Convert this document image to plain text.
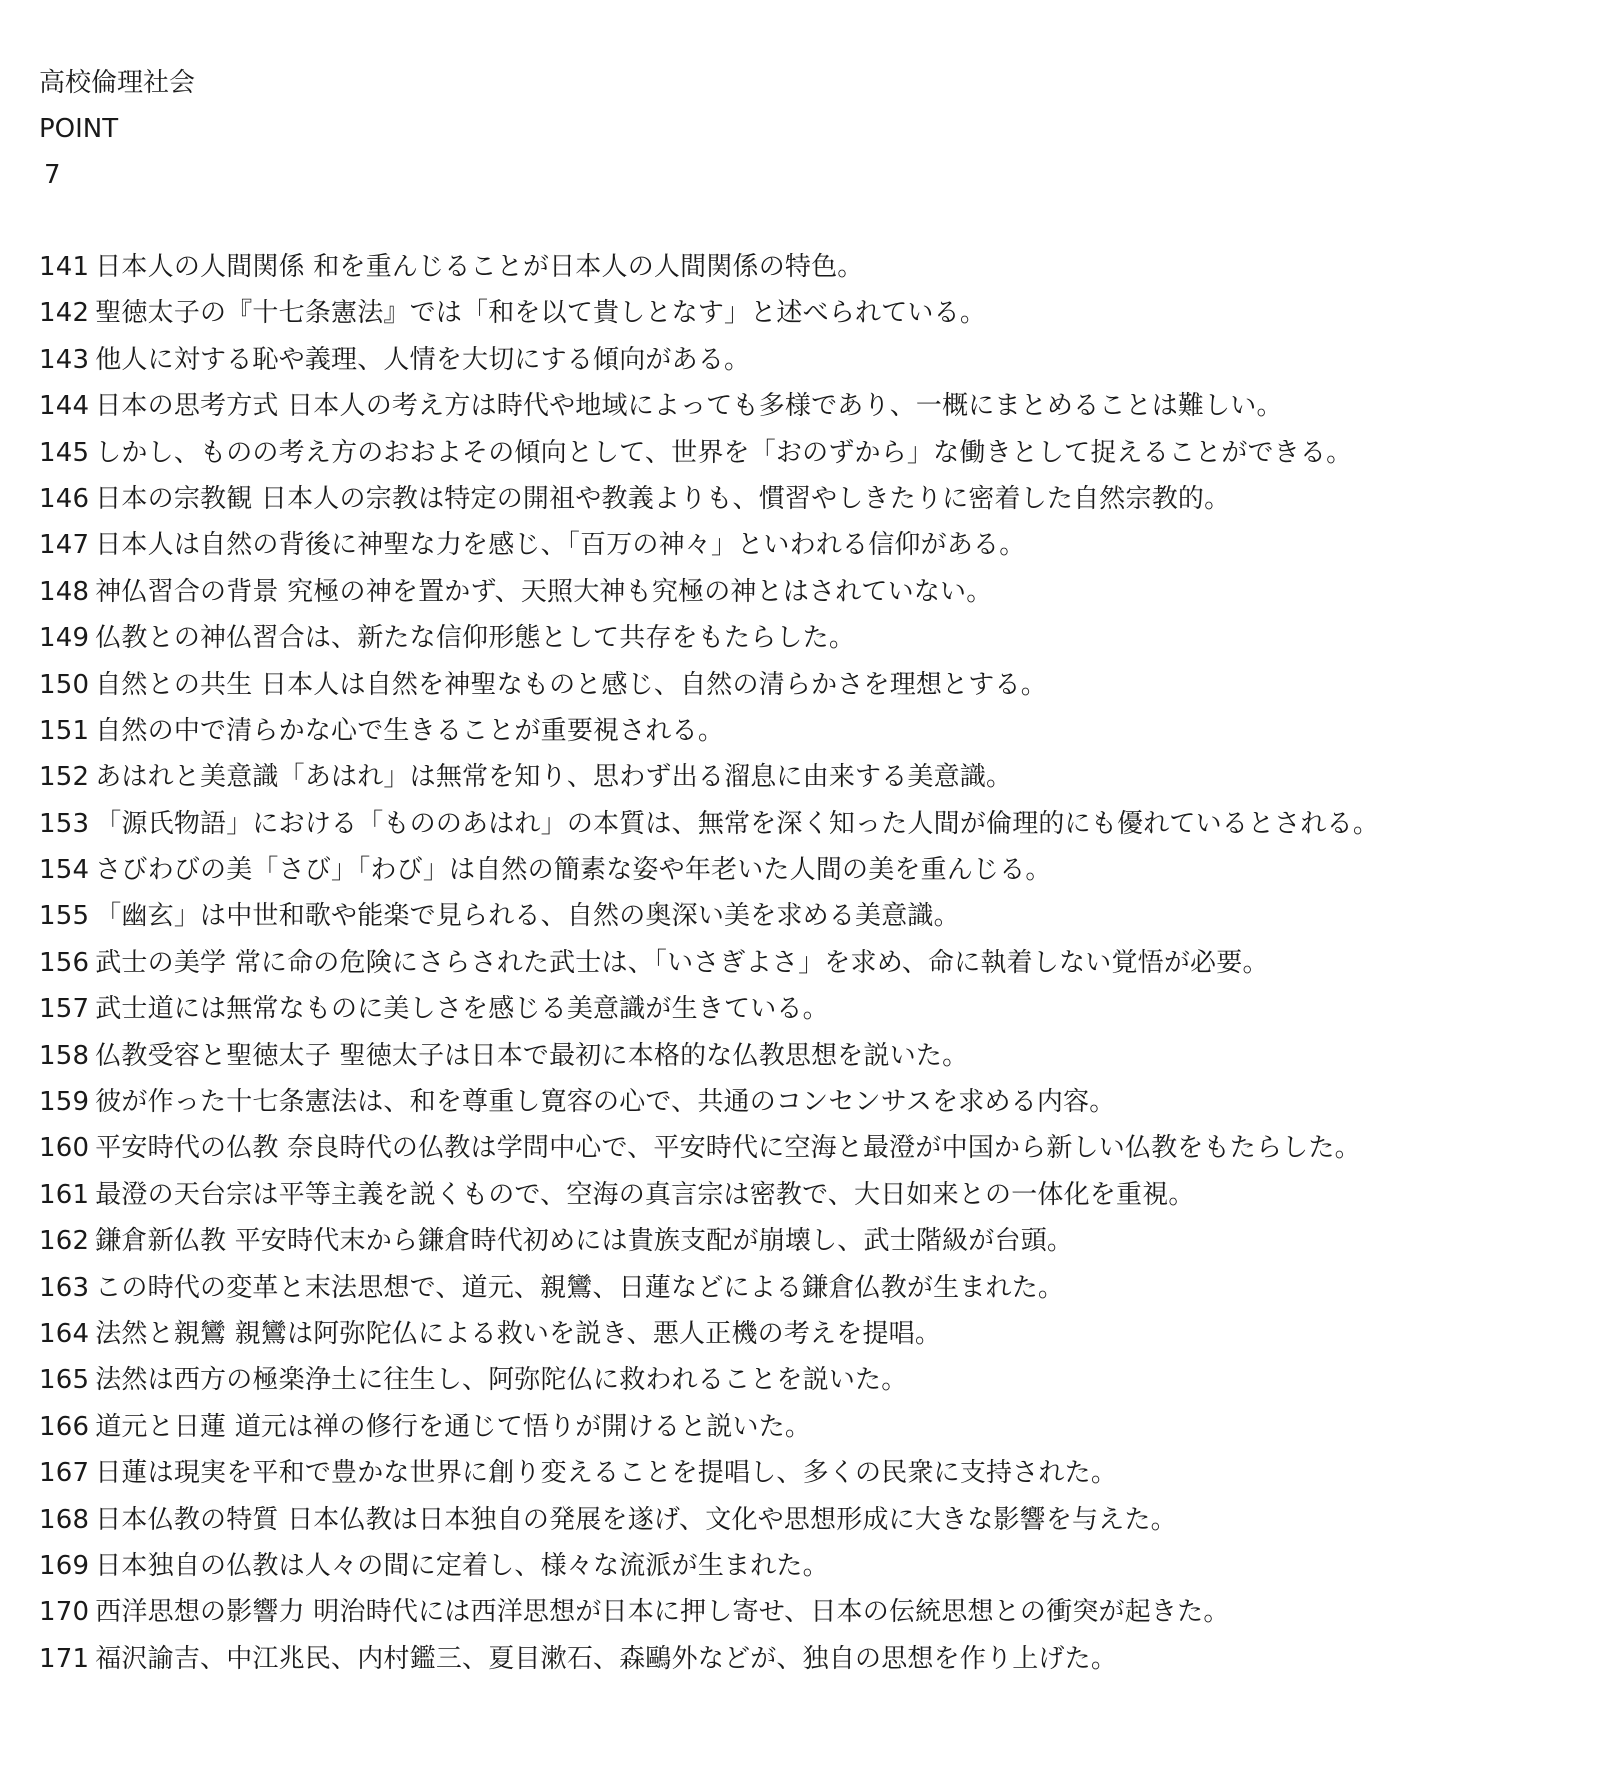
高校倫理社会
POINT
7
141 日本人の人間関係 和を重んじることが日本人の人間関係の特色。
142 聖徳太子の『十七条憲法』では「和を以て貴しとなす」と述べられている。
143 他人に対する恥や義理、人情を大切にする傾向がある。
144 日本の思考方式 日本人の考え方は時代や地域によっても多様であり、一概にまとめることは難しい。
145 しかし、ものの考え方のおおよその傾向として、世界を「おのずから」な働きとして捉えることができる。
146 日本の宗教観 日本人の宗教は特定の開祖や教義よりも、慣習やしきたりに密着した自然宗教的。
147 日本人は自然の背後に神聖な力を感じ、「百万の神々」といわれる信仰がある。
148 神仏習合の背景 究極の神を置かず、天照大神も究極の神とはされていない。
149 仏教との神仏習合は、新たな信仰形態として共存をもたらした。
150 自然との共生 日本人は自然を神聖なものと感じ、自然の清らかさを理想とする。
151 自然の中で清らかな心で生きることが重要視される。
152 あはれと美意識「あはれ」は無常を知り、思わず出る溜息に由来する美意識。
153 「源氏物語」における「もののあはれ」の本質は、無常を深く知った人間が倫理的にも優れているとされる。
154 さびわびの美「さび」「わび」は自然の簡素な姿や年老いた人間の美を重んじる。
155 「幽玄」は中世和歌や能楽で見られる、自然の奥深い美を求める美意識。
156 武士の美学 常に命の危険にさらされた武士は、「いさぎよさ」を求め、命に執着しない覚悟が必要。
157 武士道には無常なものに美しさを感じる美意識が生きている。
158 仏教受容と聖徳太子 聖徳太子は日本で最初に本格的な仏教思想を説いた。
159 彼が作った十七条憲法は、和を尊重し寛容の心で、共通のコンセンサスを求める内容。
160 平安時代の仏教 奈良時代の仏教は学問中心で、平安時代に空海と最澄が中国から新しい仏教をもたらした。
161 最澄の天台宗は平等主義を説くもので、空海の真言宗は密教で、大日如来との一体化を重視。
162 鎌倉新仏教 平安時代末から鎌倉時代初めには貴族支配が崩壊し、武士階級が台頭。
163 この時代の変革と末法思想で、道元、親鸞、日蓮などによる鎌倉仏教が生まれた。
164 法然と親鸞 親鸞は阿弥陀仏による救いを説き、悪人正機の考えを提唱。
165 法然は西方の極楽浄土に往生し、阿弥陀仏に救われることを説いた。
166 道元と日蓮 道元は禅の修行を通じて悟りが開けると説いた。
167 日蓮は現実を平和で豊かな世界に創り変えることを提唱し、多くの民衆に支持された。
168 日本仏教の特質 日本仏教は日本独自の発展を遂げ、文化や思想形成に大きな影響を与えた。
169 日本独自の仏教は人々の間に定着し、様々な流派が生まれた。
170 西洋思想の影響力 明治時代には西洋思想が日本に押し寄せ、日本の伝統思想との衝突が起きた。
171 福沢諭吉、中江兆民、内村鑑三、夏目漱石、森鷗外などが、独自の思想を作り上げた。
